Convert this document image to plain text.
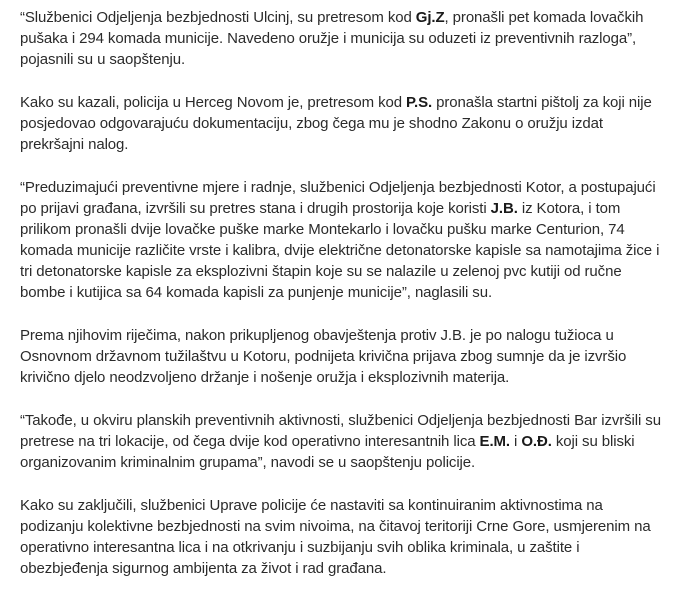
“Službenici Odjeljenja bezbjednosti Ulcinj, su pretresom kod Gj.Z, pronašli pet komada lovačkih pušaka i 294 komada municije. Navedeno oružje i municija su oduzeti iz preventivnih razloga”, pojasnili su u saopštenju.

Kako su kazali, policija u Herceg Novom je, pretresom kod P.S. pronašla startni pištolj za koji nije posjedovao odgovarajuću dokumentaciju, zbog čega mu je shodno Zakonu o oružju izdat prekršajni nalog.

“Preduzimajući preventivne mjere i radnje, službenici Odjeljenja bezbjednosti Kotor, a postupajući po prijavi građana, izvršili su pretres stana i drugih prostorija koje koristi J.B. iz Kotora, i tom prilikom pronašli dvije lovačke puške marke Montekarlo i lovačku pušku marke Centurion, 74 komada municije različite vrste i kalibra, dvije električne detonatorske kapisle sa namotajima žice i tri detonatorske kapisle za eksplozivni štapin koje su se nalazile u zelenoj pvc kutiji od ručne bombe i kutijica sa 64 komada kapisli za punjenje municije”, naglasili su.

Prema njihovim riječima, nakon prikupljenog obavještenja protiv J.B. je po nalogu tužioca u Osnovnom državnom tužilaštvu u Kotoru, podnijeta krivična prijava zbog sumnje da je izvršio krivično djelo neodzvoljeno držanje i nošenje oružja i eksplozivnih materija.

“Takođe, u okviru planskih preventivnih aktivnosti, službenici Odjeljenja bezbjednosti Bar izvršili su pretrese na tri lokacije, od čega dvije kod operativno interesantnih lica E.M. i O.Đ. koji su bliski organizovanim kriminalnim grupama”, navodi se u saopštenju policije.

Kako su zaključili, službenici Uprave policije će nastaviti sa kontinuiranim aktivnostima na podizanju kolektivne bezbjednosti na svim nivoima, na čitavoj teritoriji Crne Gore, usmjerenim na operativno interesantna lica i na otkrivanju i suzbijanju svih oblika kriminala, u zaštite i obezbjeđenja sigurnog ambijenta za život i rad građana.
